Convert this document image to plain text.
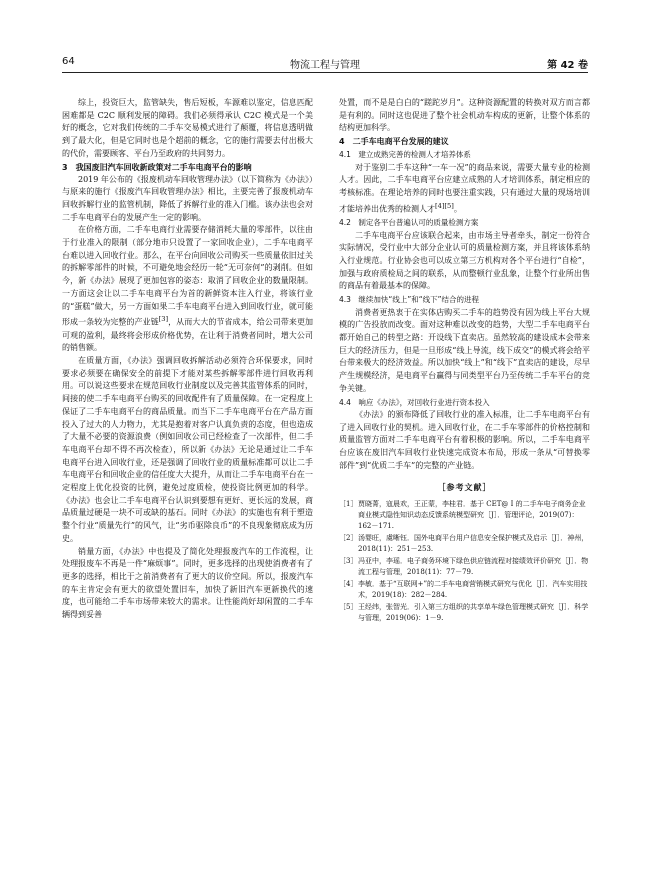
64	物流工程与管理	第 42 卷

综上，投资巨大，监管缺失，售后短板，车源难以鉴定，信息匹配困难都是 C2C 顺利发展的障碍。我们必须得承认 C2C 模式是一个美好的概念，它对我们传统的二手车交易模式进行了颠覆，将信息透明做到了最大化，但是它同时也是个超前的概念，它的施行需要去付出极大的代价，需要顾客、平台乃至政府的共同努力。

3　我国废旧汽车回收新政策对二手车电商平台的影响

2019 年公布的《报废机动车回收管理办法》（以下简称为《办法》）与原来的施行《报废汽车回收管理办法》相比，主要完善了报废机动车回收拆解行业的监管机制，降低了拆解行业的准入门槛。该办法也会对二手车电商平台的发展产生一定的影响。

在价格方面，二手车电商行业需要存储消耗大量的零部件，以往由于行业准入的限制（部分地市只设置了一家回收企业），二手车电商平台难以进入回收行业。那么，在平台向回收公司购买一些质量依旧过关的拆解零部件的时候，不可避免地会经历一轮“无可奈何”的剥削。但如今，新《办法》展现了更加包容的姿态：取消了回收企业的数量限制。一方面这会让以二手车电商平台为首的新鲜资本注入行业，将该行业的“蛋糕”做大，另一方面如果二手车电商平台进入到回收行业，就可能形成一条较为完整的产业链[3]，从而大大的节省成本，给公司带来更加可观的盈利，最终将会形成价格优势，在让利于消费者同时，增大公司的销售额。

在质量方面，《办法》强调回收拆解活动必须符合环保要求，同时要求必须要在确保安全的前提下才能对某些拆解零部件进行回收再利用。可以说这些要求在规范回收行业制度以及完善其监管体系的同时，间接的使二手车电商平台购买的回收配件有了质量保障。在一定程度上保证了二手车电商平台的商品质量。而当下二手车电商平台在产品方面投入了过大的人力物力，尤其是抱着对客户认真负责的态度，但也造成了大量不必要的资源浪费（例如回收公司已经检查了一次部件，但二手车电商平台却不得不再次检查），所以新《办法》无论是通过让二手车电商平台进入回收行业，还是强调了回收行业的质量标准都可以让二手车电商平台和回收企业的信任度大大提升，从而让二手车电商平台在一定程度上优化投资的比例，避免过度质检，使投资比例更加的科学。《办法》也会让二手车电商平台认识到要想有更好、更长远的发展，商品质量过硬是一块不可或缺的基石。同时《办法》的实施也有利于塑造整个行业“质量先行”的风气，让“劣币驱除良币”的不良现象彻底成为历史。

销量方面，《办法》中也提及了简化处理报废汽车的工作流程，让处理报废车不再是一件“麻烦事”。同时，更多选择的出现使消费者有了更多的选择，相比于之前消费者有了更大的议价空间。所以，报废汽车的车主肯定会有更大的欲望处置旧车，加快了新旧汽车更新换代的速度，也可能给二手车市场带来较大的需求。让性能尚好却闲置的二手车辆得到妥善

处置，而不是是白白的“蹉跎岁月”。这种资源配置的转换对双方而言都是有利的。同时这也促进了整个社会机动车构成的更新，让整个体系的结构更加科学。

4　二手车电商平台发展的建议
4.1　建立成熟完善的检测人才培养体系

对于鉴别二手车这种“一车一况”的商品来说，需要大量专业的检测人才。因此，二手车电商平台应建立成熟的人才培训体系，制定相应的考核标准。在理论培养的同时也要注重实践，只有通过大量的现场培训才能培养出优秀的检测人才[4][5]。

4.2　制定各平台普遍认可的质量检测方案

二手车电商平台应该联合起来，由市场主导者牵头，制定一份符合实际情况，受行业中大部分企业认可的质量检测方案，并且将该体系纳入行业规范。行业协会也可以成立第三方机构对各个平台进行“自检”，加强与政府质检局之间的联系，从而整顿行业乱象，让整个行业所出售的商品有着最基本的保障。

4.3　继续加快“线上”和“线下”结合的进程

消费者更热衷于在实体店购买二手车的趋势没有因为线上平台大规模的广告投放而改变。面对这种难以改变的趋势，大型二手车电商平台都开始自己的转型之路：开设线下直卖店。虽然较高的建设成本会带来巨大的经济压力，但是一旦形成“线上导流，线下成交”的模式将会给平台带来极大的经济效益。所以加快“线上”和“线下”直卖店的建设，尽早产生规模经济，是电商平台赢得与同类型平台乃至传统二手车平台的竞争关键。

4.4　响应《办法》，对回收行业进行资本投入

《办法》的颁布降低了回收行业的准入标准，让二手车电商平台有了进入回收行业的契机。进入回收行业，在二手车零部件的价格控制和质量监管方面对二手车电商平台有着积极的影响。所以，二手车电商平台应该在废旧汽车回收行业快速完成资本布局，形成一条从“可替换零部件”到“优质二手车”的完整的产业链。

［参考文献］
［1］ 贾晓菁，寇晨欢，王正蒙，李桂君．基于 CET@ I 的二手车电子商务企业商业模式隐性知识动态反馈系统模型研究［J］．管理评论，2019(07)：162－171.
［2］ 汤婴旺，虞晰钰．国外电商平台用户信息安全保护模式及启示［J］．神州，2018(11)：251－253.
［3］ 冯亚中，李瑶．电子商务环境下绿色供应链流程对接绩效评价研究［J］．物流工程与管理，2018(11)：77－79.
［4］ 李敏．基于“互联网+”的二手车电商营销模式研究与优化［J］．汽车实用技术，2019(18)：282－284.
［5］ 王经纬，张智光．引入第三方组织的共享单车绿色管理模式研究［J］．科学与管理，2019(06)：1－9.
